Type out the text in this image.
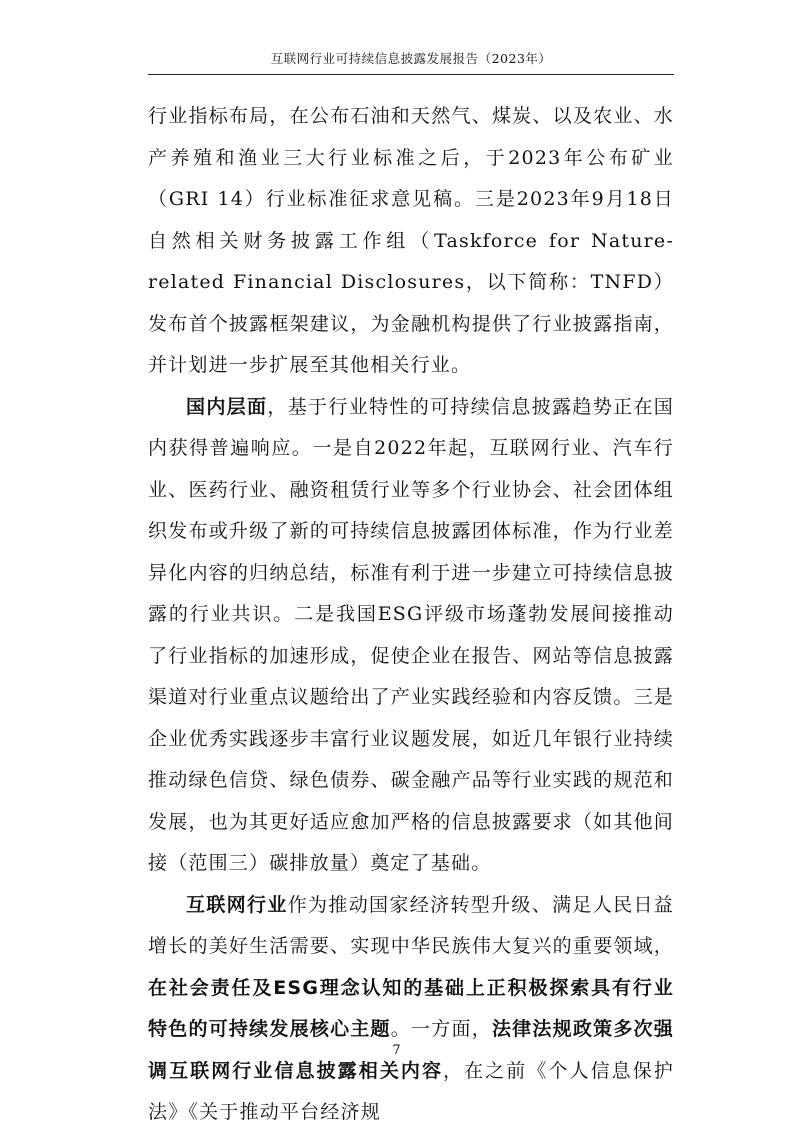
互联网行业可持续信息披露发展报告（2023年）

行业指标布局，在公布石油和天然气、煤炭、以及农业、水产养殖和渔业三大行业标准之后，于2023年公布矿业（GRI 14）行业标准征求意见稿。三是2023年9月18日自然相关财务披露工作组（Taskforce for Nature-related Financial Disclosures，以下简称：TNFD）发布首个披露框架建议，为金融机构提供了行业披露指南，并计划进一步扩展至其他相关行业。

国内层面，基于行业特性的可持续信息披露趋势正在国内获得普遍响应。一是自2022年起，互联网行业、汽车行业、医药行业、融资租赁行业等多个行业协会、社会团体组织发布或升级了新的可持续信息披露团体标准，作为行业差异化内容的归纳总结，标准有利于进一步建立可持续信息披露的行业共识。二是我国ESG评级市场蓬勃发展间接推动了行业指标的加速形成，促使企业在报告、网站等信息披露渠道对行业重点议题给出了产业实践经验和内容反馈。三是企业优秀实践逐步丰富行业议题发展，如近几年银行业持续推动绿色信贷、绿色债券、碳金融产品等行业实践的规范和发展，也为其更好适应愈加严格的信息披露要求（如其他间接（范围三）碳排放量）奠定了基础。

互联网行业作为推动国家经济转型升级、满足人民日益增长的美好生活需要、实现中华民族伟大复兴的重要领域，在社会责任及ESG理念认知的基础上正积极探索具有行业特色的可持续发展核心主题。一方面，法律法规政策多次强调互联网行业信息披露相关内容，在之前《个人信息保护法》《关于推动平台经济规

7
